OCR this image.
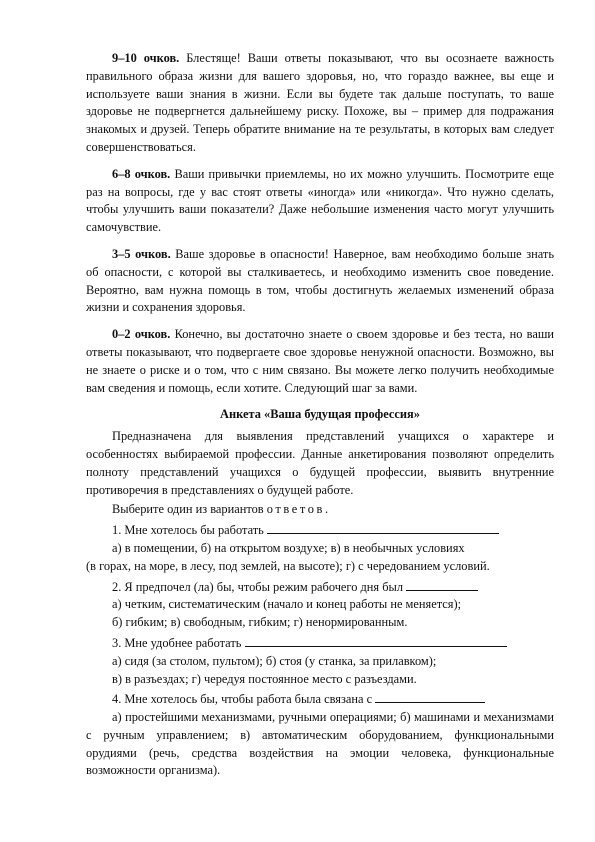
9–10 очков. Блестяще! Ваши ответы показывают, что вы осознаете важность правильного образа жизни для вашего здоровья, но, что гораздо важнее, вы еще и используете ваши знания в жизни. Если вы будете так дальше поступать, то ваше здоровье не подвергнется дальнейшему риску. Похоже, вы – пример для подражания знакомых и друзей. Теперь обратите внимание на те результаты, в которых вам следует совершенствоваться.

6–8 очков. Ваши привычки приемлемы, но их можно улучшить. Посмотрите еще раз на вопросы, где у вас стоят ответы «иногда» или «никогда». Что нужно сделать, чтобы улучшить ваши показатели? Даже небольшие изменения часто могут улучшить самочувствие.

3–5 очков. Ваше здоровье в опасности! Наверное, вам необходимо больше знать об опасности, с которой вы сталкиваетесь, и необходимо изменить свое поведение. Вероятно, вам нужна помощь в том, чтобы достигнуть желаемых изменений образа жизни и сохранения здоровья.

0–2 очков. Конечно, вы достаточно знаете о своем здоровье и без теста, но ваши ответы показывают, что подвергаете свое здоровье ненужной опасности. Возможно, вы не знаете о риске и о том, что с ним связано. Вы можете легко получить необходимые вам сведения и помощь, если хотите. Следующий шаг за вами.

Анкета «Ваша будущая профессия»

Предназначена для выявления представлений учащихся о характере и особенностях выбираемой профессии. Данные анкетирования позволяют определить полноту представлений учащихся о будущей профессии, выявить внутренние противоречия в представлениях о будущей работе.

Выберите один из вариантов ответов.

1. Мне хотелось бы работать

а) в помещении, б) на открытом воздухе; в) в необычных условиях

(в горах, на море, в лесу, под землей, на высоте); г) с чередованием условий.

2. Я предпочел (ла) бы, чтобы режим рабочего дня был

а) четким, систематическим (начало и конец работы не меняется);

б) гибким; в) свободным, гибким; г) ненормированным.

3. Мне удобнее работать

а) сидя (за столом, пультом); б) стоя (у станка, за прилавком);

в) в разъездах; г) чередуя постоянное место с разъездами.

4. Мне хотелось бы, чтобы работа была связана с

а) простейшими механизмами, ручными операциями; б) машинами и механизмами с ручным управлением; в) автоматическим оборудованием, функциональными орудиями (речь, средства воздействия на эмоции человека, функциональные возможности организма).
